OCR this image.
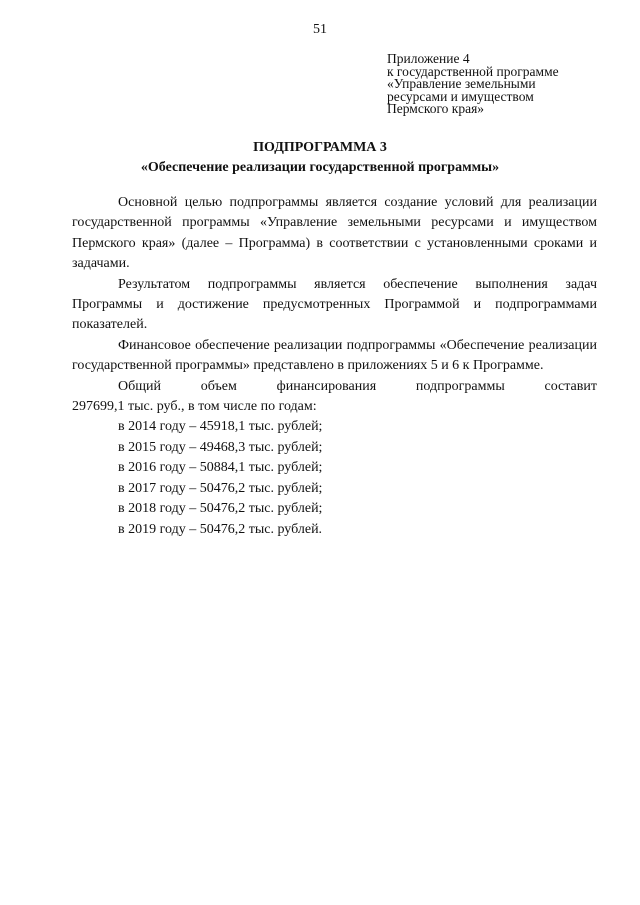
51
Приложение 4
к государственной программе
«Управление земельными
ресурсами и имуществом
Пермского края»
ПОДПРОГРАММА 3
«Обеспечение реализации государственной программы»

Основной целью подпрограммы является создание условий для реализации государственной программы «Управление земельными ресурсами и имуществом Пермского края» (далее – Программа) в соответствии с установленными сроками и задачами.

Результатом подпрограммы является обеспечение выполнения задач Программы и достижение предусмотренных Программой и подпрограммами показателей.

Финансовое обеспечение реализации подпрограммы «Обеспечение реализации государственной программы» представлено в приложениях 5 и 6 к Программе.

Общий объем финансирования подпрограммы составит
297699,1 тыс. руб., в том числе по годам:
в 2014 году – 45918,1 тыс. рублей;
в 2015 году – 49468,3 тыс. рублей;
в 2016 году – 50884,1 тыс. рублей;
в 2017 году – 50476,2 тыс. рублей;
в 2018 году – 50476,2 тыс. рублей;
в 2019 году – 50476,2 тыс. рублей.
